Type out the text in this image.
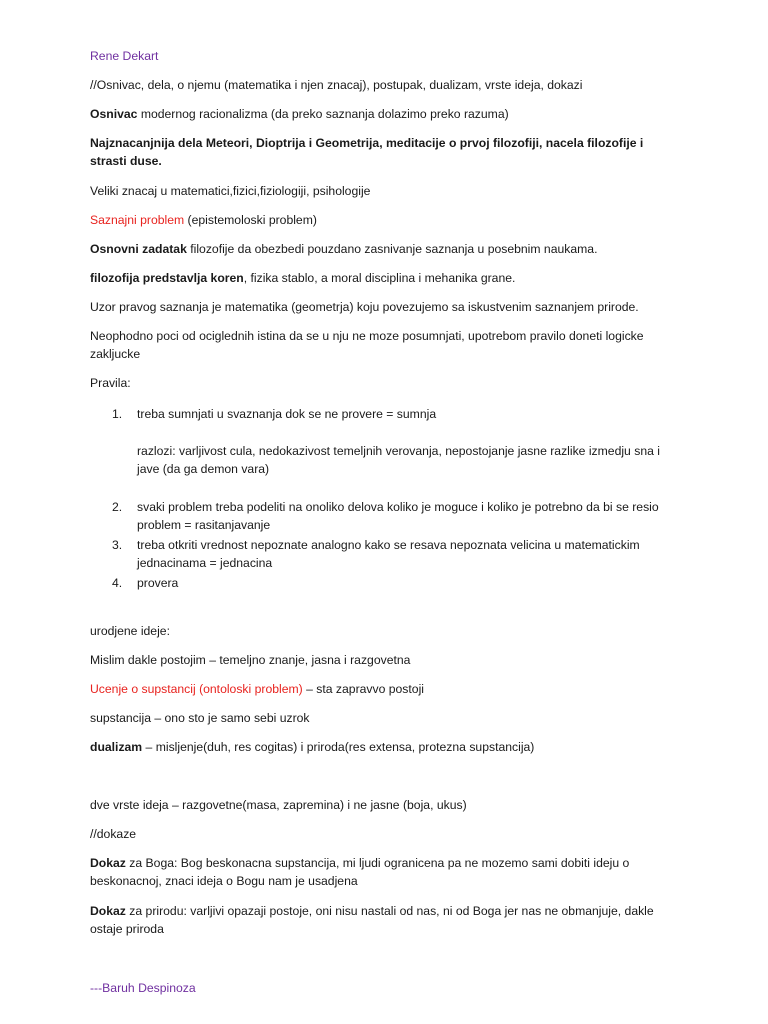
Rene Dekart
//Osnivac, dela, o njemu (matematika i njen znacaj), postupak, dualizam, vrste ideja, dokazi
Osnivac modernog racionalizma (da preko saznanja dolazimo preko razuma)
Najznacanjnija dela Meteori, Dioptrija i Geometrija, meditacije o prvoj filozofiji, nacela filozofije i strasti duse.
Veliki znacaj u matematici,fizici,fiziologiji, psihologije
Saznajni problem (epistemoloski problem)
Osnovni zadatak filozofije da obezbedi pouzdano zasnivanje saznanja u posebnim naukama.
filozofija predstavlja koren, fizika stablo, a moral disciplina i mehanika grane.
Uzor pravog saznanja je matematika (geometrja) koju povezujemo sa iskustvenim saznanjem prirode.
Neophodno poci od ociglednih istina da se u nju ne moze posumnjati, upotrebom pravilo doneti logicke zakljucke
Pravila:
1.	treba sumnjati u svaznanja dok se ne provere = sumnja
razlozi: varljivost cula, nedokazivost temeljnih verovanja, nepostojanje jasne razlike izmedju sna i jave (da ga demon vara)
2.	svaki problem treba podeliti na onoliko delova koliko je moguce i koliko je potrebno da bi se resio problem = rasitanjavanje
3.	treba otkriti vrednost nepoznate analogno kako se resava nepoznata velicina u matematickim jednacinama = jednacina
4.	provera
urodjene ideje:
Mislim dakle postojim – temeljno znanje, jasna i razgovetna
Ucenje o supstancij (ontoloski problem) – sta zapravvo postoji
supstancija – ono sto je samo sebi uzrok
dualizam – misljenje(duh, res cogitas) i priroda(res extensa, protezna supstancija)
dve vrste ideja – razgovetne(masa, zapremina) i ne jasne (boja, ukus)
//dokaze
Dokaz za Boga: Bog beskonacna supstancija, mi ljudi ogranicena pa ne mozemo sami dobiti ideju o beskonacnoj, znaci ideja o Bogu nam je usadjena
Dokaz za prirodu: varljivi opazaji postoje, oni nisu nastali od nas, ni od Boga jer nas ne obmanjuje, dakle ostaje priroda
---Baruh Despinoza
